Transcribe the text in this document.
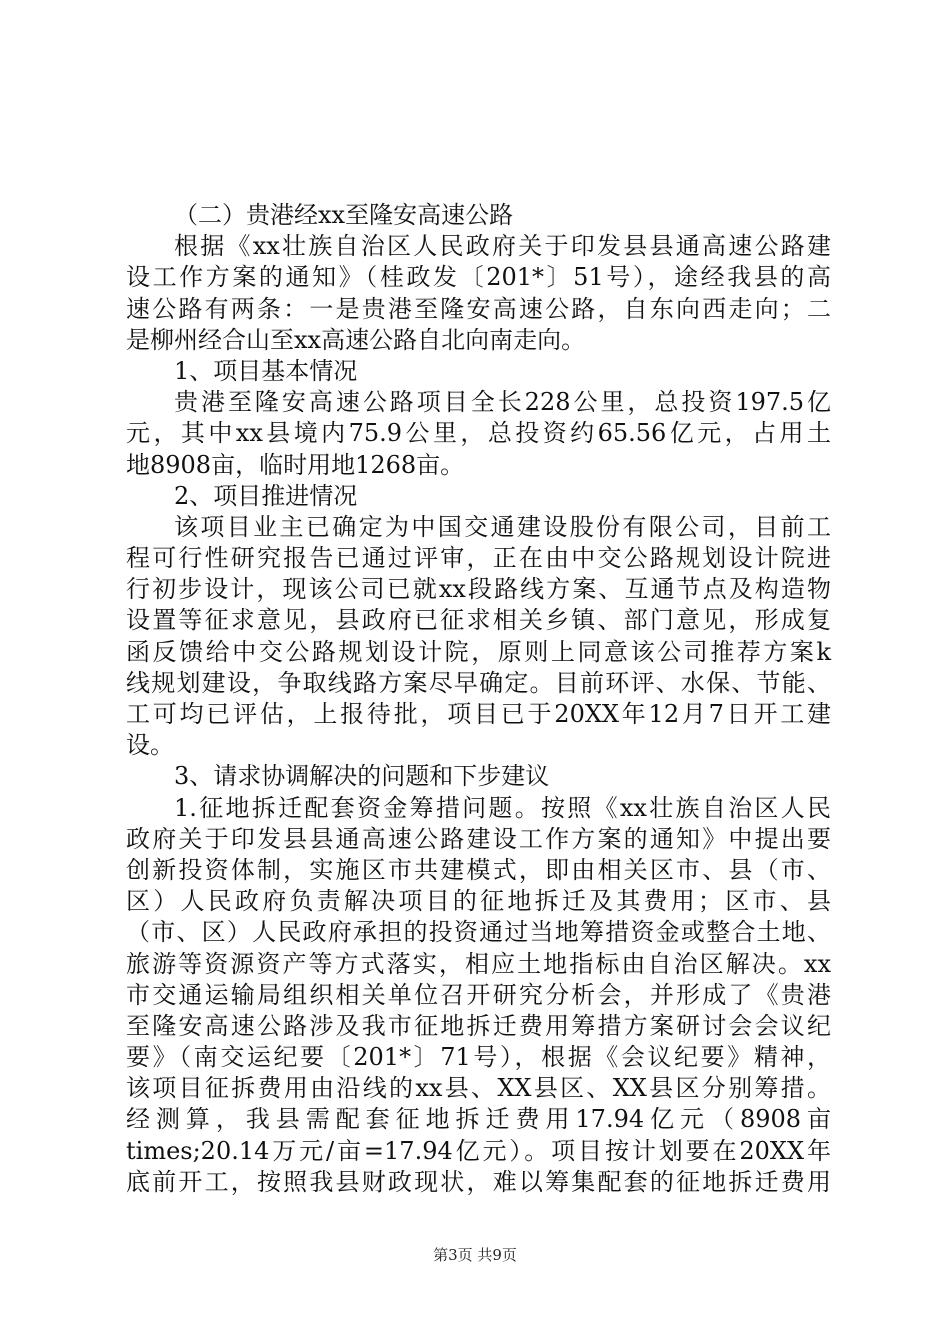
（二）贵港经xx至隆安高速公路
根据《xx壮族自治区人民政府关于印发县县通高速公路建
设工作方案的通知》（桂政发〔201*〕51号），途经我县的高
速公路有两条：一是贵港至隆安高速公路，自东向西走向；二
是柳州经合山至xx高速公路自北向南走向。
1、项目基本情况
贵港至隆安高速公路项目全长228公里，总投资197.5亿
元，其中xx县境内75.9公里，总投资约65.56亿元，占用土
地8908亩，临时用地1268亩。
2、项目推进情况
该项目业主已确定为中国交通建设股份有限公司，目前工
程可行性研究报告已通过评审，正在由中交公路规划设计院进
行初步设计，现该公司已就xx段路线方案、互通节点及构造物
设置等征求意见，县政府已征求相关乡镇、部门意见，形成复
函反馈给中交公路规划设计院，原则上同意该公司推荐方案k
线规划建设，争取线路方案尽早确定。目前环评、水保、节能、
工可均已评估，上报待批，项目已于20XX年12月7日开工建
设。
3、请求协调解决的问题和下步建议
1.征地拆迁配套资金筹措问题。按照《xx壮族自治区人民
政府关于印发县县通高速公路建设工作方案的通知》中提出要
创新投资体制，实施区市共建模式，即由相关区市、县（市、
区）人民政府负责解决项目的征地拆迁及其费用；区市、县
（市、区）人民政府承担的投资通过当地筹措资金或整合土地、
旅游等资源资产等方式落实，相应土地指标由自治区解决。xx
市交通运输局组织相关单位召开研究分析会，并形成了《贵港
至隆安高速公路涉及我市征地拆迁费用筹措方案研讨会会议纪
要》（南交运纪要〔201*〕71号），根据《会议纪要》精神，
该项目征拆费用由沿线的xx县、XX县区、XX县区分别筹措。
经测算，我县需配套征地拆迁费用17.94亿元（8908亩
times;20.14万元/亩=17.94亿元）。项目按计划要在20XX年
底前开工，按照我县财政现状，难以筹集配套的征地拆迁费用
第3页 共9页
